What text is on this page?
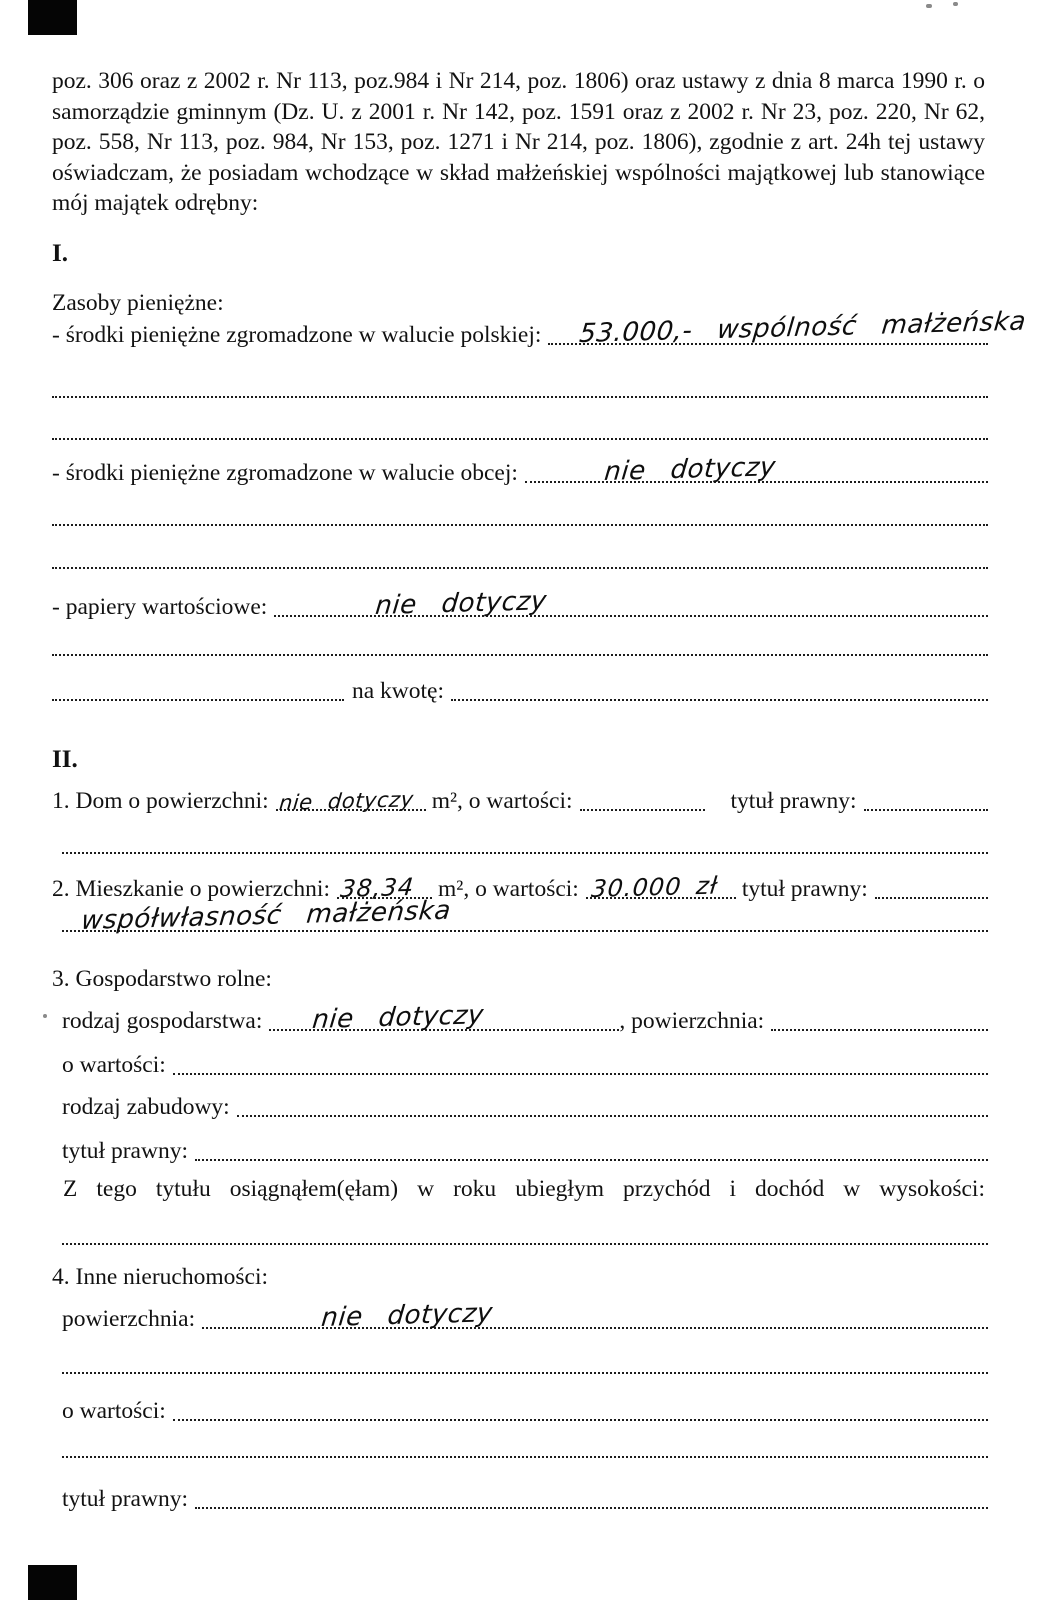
poz. 306 oraz z 2002 r. Nr 113, poz.984 i Nr 214, poz. 1806) oraz ustawy z dnia 8 marca 1990 r. o samorządzie gminnym (Dz. U. z 2001 r. Nr 142, poz. 1591 oraz z 2002 r. Nr 23, poz. 220, Nr 62, poz. 558, Nr 113, poz. 984, Nr 153, poz. 1271 i Nr 214, poz. 1806), zgodnie z art. 24h tej ustawy oświadczam, że posiadam wchodzące w skład małżeńskiej wspólności majątkowej lub stanowiące mój majątek odrębny:
I.
Zasoby pieniężne:
- środki pieniężne zgromadzone w walucie polskiej: 53.000,- wspólność małżeńska
- środki pieniężne zgromadzone w walucie obcej:	nie dotyczy
- papiery wartościowe:	nie dotyczy
na kwotę:
II.
1. Dom o powierzchni: nie dotyczy m², o wartości:	tytuł prawny:
2. Mieszkanie o powierzchni: 38,34 m², o wartości: 30.000 zł tytuł prawny:
współwłasność małżeńska
3. Gospodarstwo rolne:
rodzaj gospodarstwa: nie dotyczy	, powierzchnia:
o wartości:
rodzaj zabudowy:
tytuł prawny:
Z tego tytułu osiągnąłem(ęłam) w roku ubiegłym przychód i dochód w wysokości:
4. Inne nieruchomości:
powierzchnia:	nie dotyczy
o wartości:
tytuł prawny:
